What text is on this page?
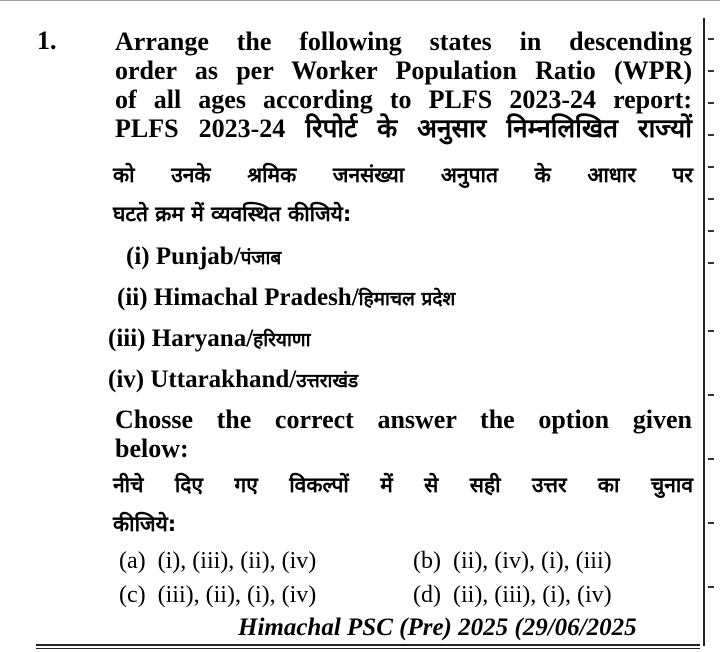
1. Arrange the following states in descending

order as per Worker Population Ratio (WPR)

of all ages according to PLFS 2023-24 report:

PLFS 2023-24 रिपोर्ट के अनुसार निम्नलिखित राज्यों

को उनके श्रमिक जनसंख्या अनुपात के आधार पर

घटते क्रम में व्यवस्थित कीजिये:

(i) Punjab/पंजाब
(ii) Himachal Pradesh/हिमाचल प्रदेश
(iii) Haryana/हरियाणा
(iv) Uttarakhand/उत्तराखंड

Chosse the correct answer the option given

below:

नीचे दिए गए विकल्पों में से सही उत्तर का चुनाव

कीजिये:

(a) (i), (iii), (ii), (iv)	(b) (ii), (iv), (i), (iii)
(c) (iii), (ii), (i), (iv)	(d) (ii), (iii), (i), (iv)
Himachal PSC (Pre) 2025 (29/06/2025
